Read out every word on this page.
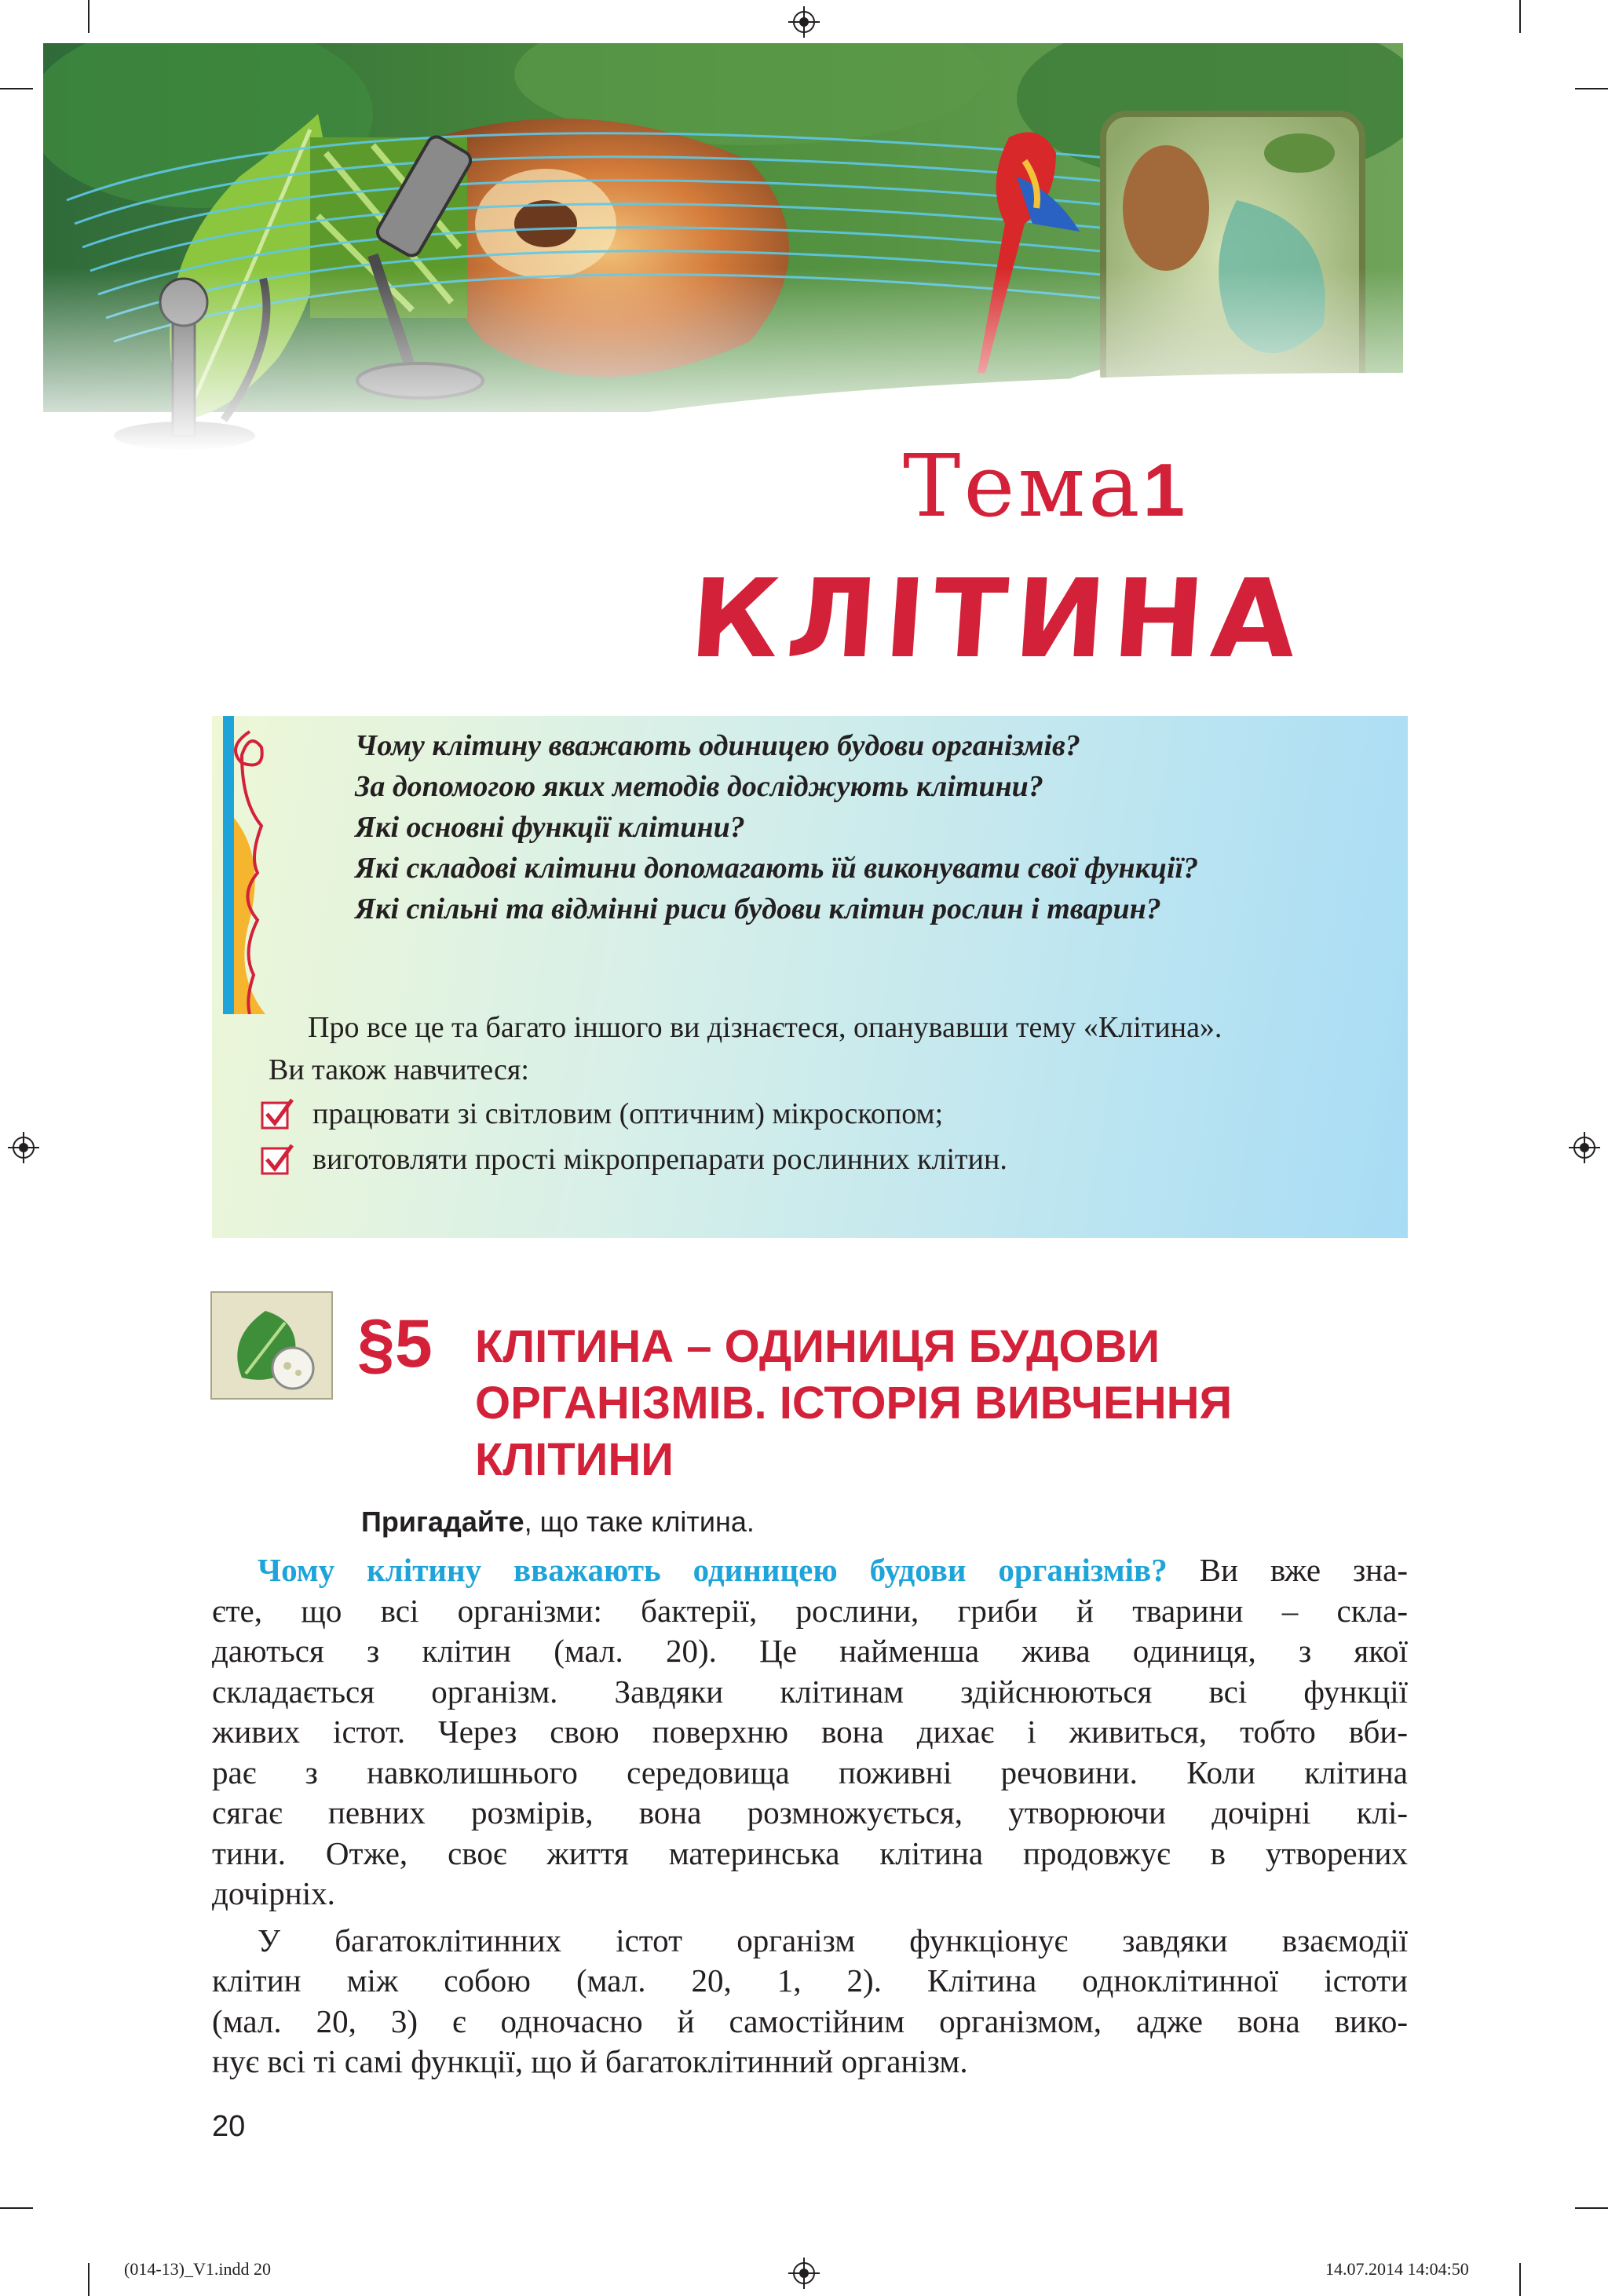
Тема1
КЛІТИНА

Чому клітину вважають одиницею будови організмів?

За допомогою яких методів досліджують клітини?

Які основні функції клітини?

Які складові клітини допомагають їй виконувати свої функції?

Які спільні та відмінні риси будови клітин рослин і тварин?

Про все це та багато іншого ви дізнаєтеся, опанувавши тему «Клітина».

Ви також навчитеся:

працювати зі світловим (оптичним) мікроскопом;
виготовляти прості мікропрепарати рослинних клітин.
§5 КЛІТИНА – ОДИНИЦЯ БУДОВИ
ОРГАНІЗМІВ. ІСТОРІЯ ВИВЧЕННЯ
КЛІТИНИ
Пригадайте, що таке клітина.
Чому клітину вважають одиницею будови організмів? Ви вже зна-
єте, що всі організми: бактерії, рослини, гриби й тварини – скла-
даються з клітин (мал. 20). Це найменша жива одиниця, з якої
складається організм. Завдяки клітинам здійснюються всі функції
живих істот. Через свою поверхню вона дихає і живиться, тобто вби-
рає з навколишнього середовища поживні речовини. Коли клітина
сягає певних розмірів, вона розмножується, утворюючи дочірні клі-
тини. Отже, своє життя материнська клітина продовжує в утворених
дочірніх.
У багатоклітинних істот організм функціонує завдяки взаємодії
клітин між собою (мал. 20, 1, 2). Клітина одноклітинної істоти
(мал. 20, 3) є одночасно й самостійним організмом, адже вона вико-
нує всі ті самі функції, що й багатоклітинний організм.
20
(014-13)_V1.indd 20	14.07.2014 14:04:50
